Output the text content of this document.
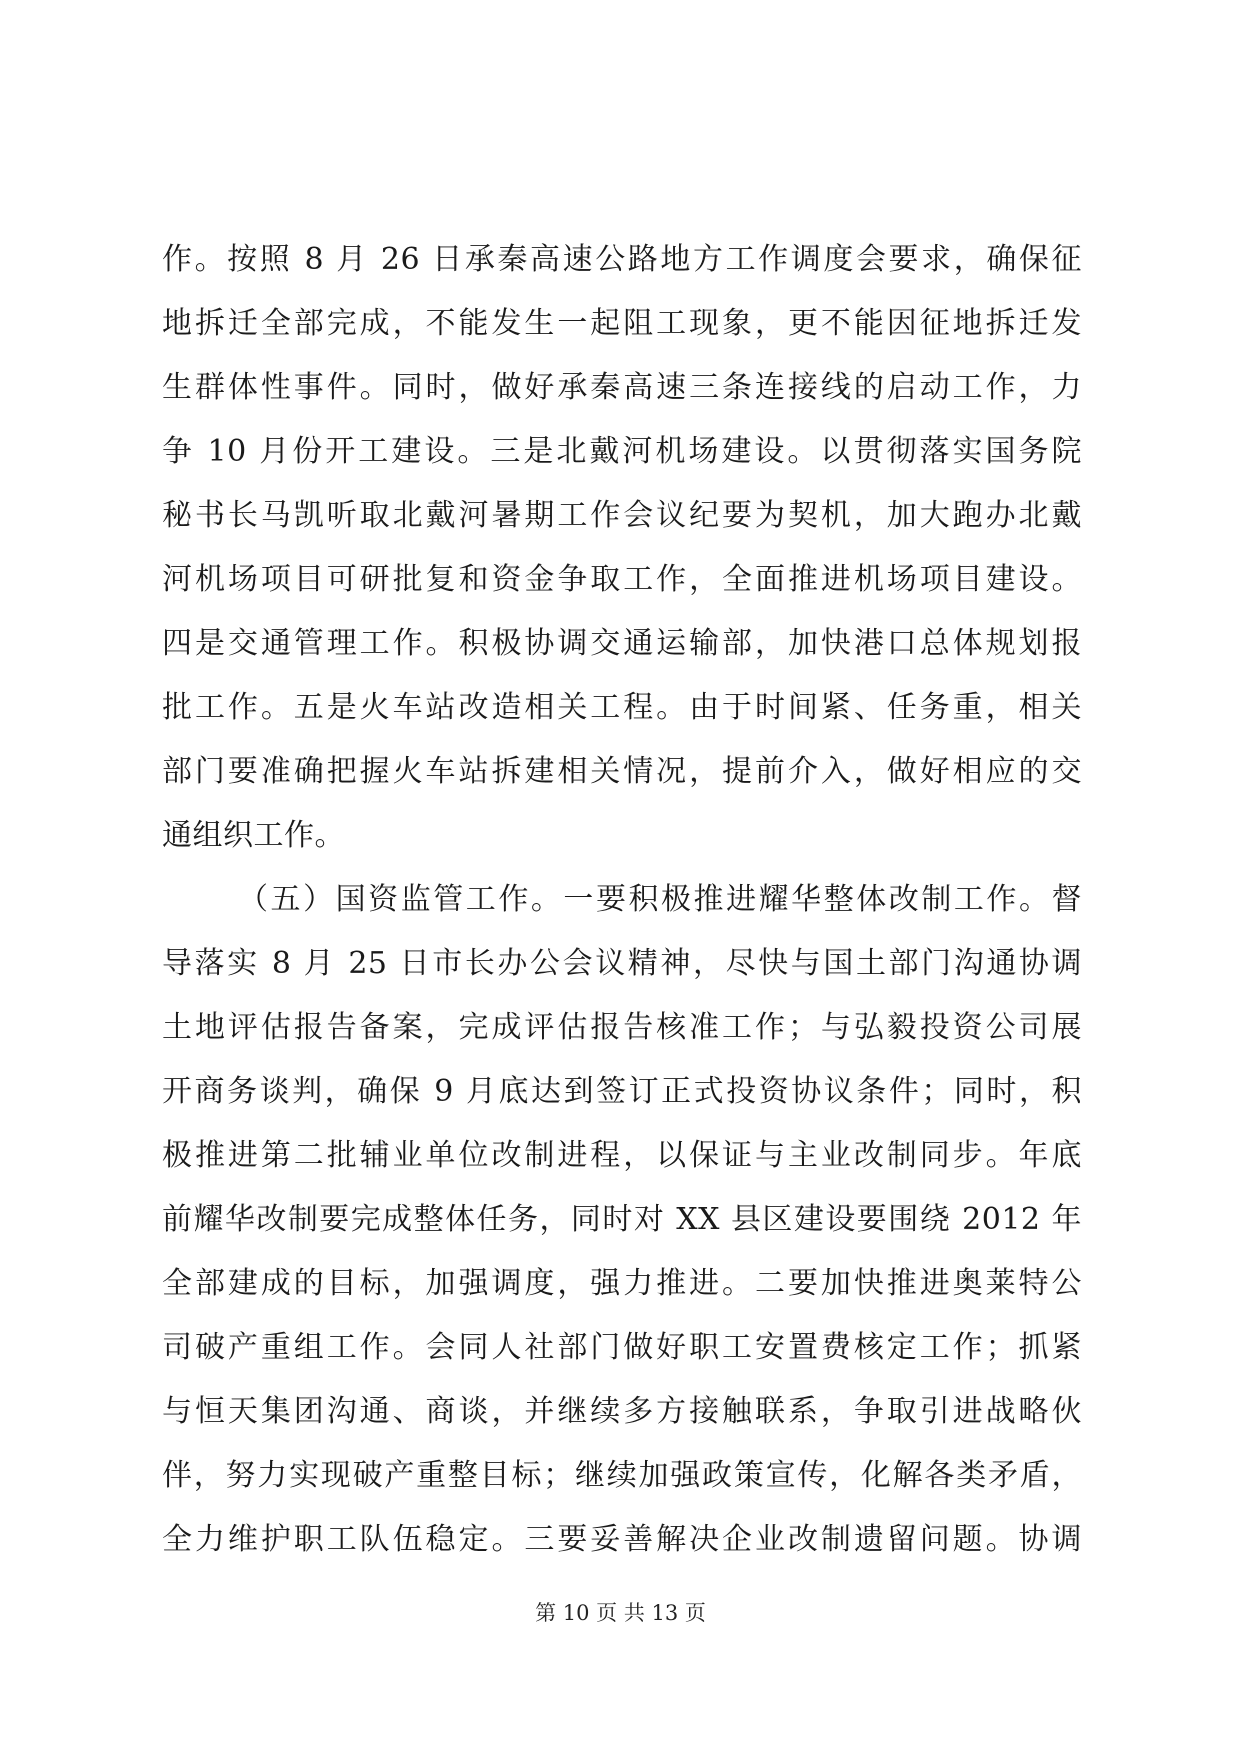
作。按照 8 月 26 日承秦高速公路地方工作调度会要求，确保征
地拆迁全部完成，不能发生一起阻工现象，更不能因征地拆迁发
生群体性事件。同时，做好承秦高速三条连接线的启动工作，力
争 10 月份开工建设。三是北戴河机场建设。以贯彻落实国务院
秘书长马凯听取北戴河暑期工作会议纪要为契机，加大跑办北戴
河机场项目可研批复和资金争取工作，全面推进机场项目建设。
四是交通管理工作。积极协调交通运输部，加快港口总体规划报
批工作。五是火车站改造相关工程。由于时间紧、任务重，相关
部门要准确把握火车站拆建相关情况，提前介入，做好相应的交
通组织工作。
（五）国资监管工作。一要积极推进耀华整体改制工作。督
导落实 8 月 25 日市长办公会议精神，尽快与国土部门沟通协调
土地评估报告备案，完成评估报告核准工作；与弘毅投资公司展
开商务谈判，确保 9 月底达到签订正式投资协议条件；同时，积
极推进第二批辅业单位改制进程，以保证与主业改制同步。年底
前耀华改制要完成整体任务，同时对 XX 县区建设要围绕 2012 年
全部建成的目标，加强调度，强力推进。二要加快推进奥莱特公
司破产重组工作。会同人社部门做好职工安置费核定工作；抓紧
与恒天集团沟通、商谈，并继续多方接触联系，争取引进战略伙
伴，努力实现破产重整目标；继续加强政策宣传，化解各类矛盾，
全力维护职工队伍稳定。三要妥善解决企业改制遗留问题。协调
第 10 页 共 13 页
